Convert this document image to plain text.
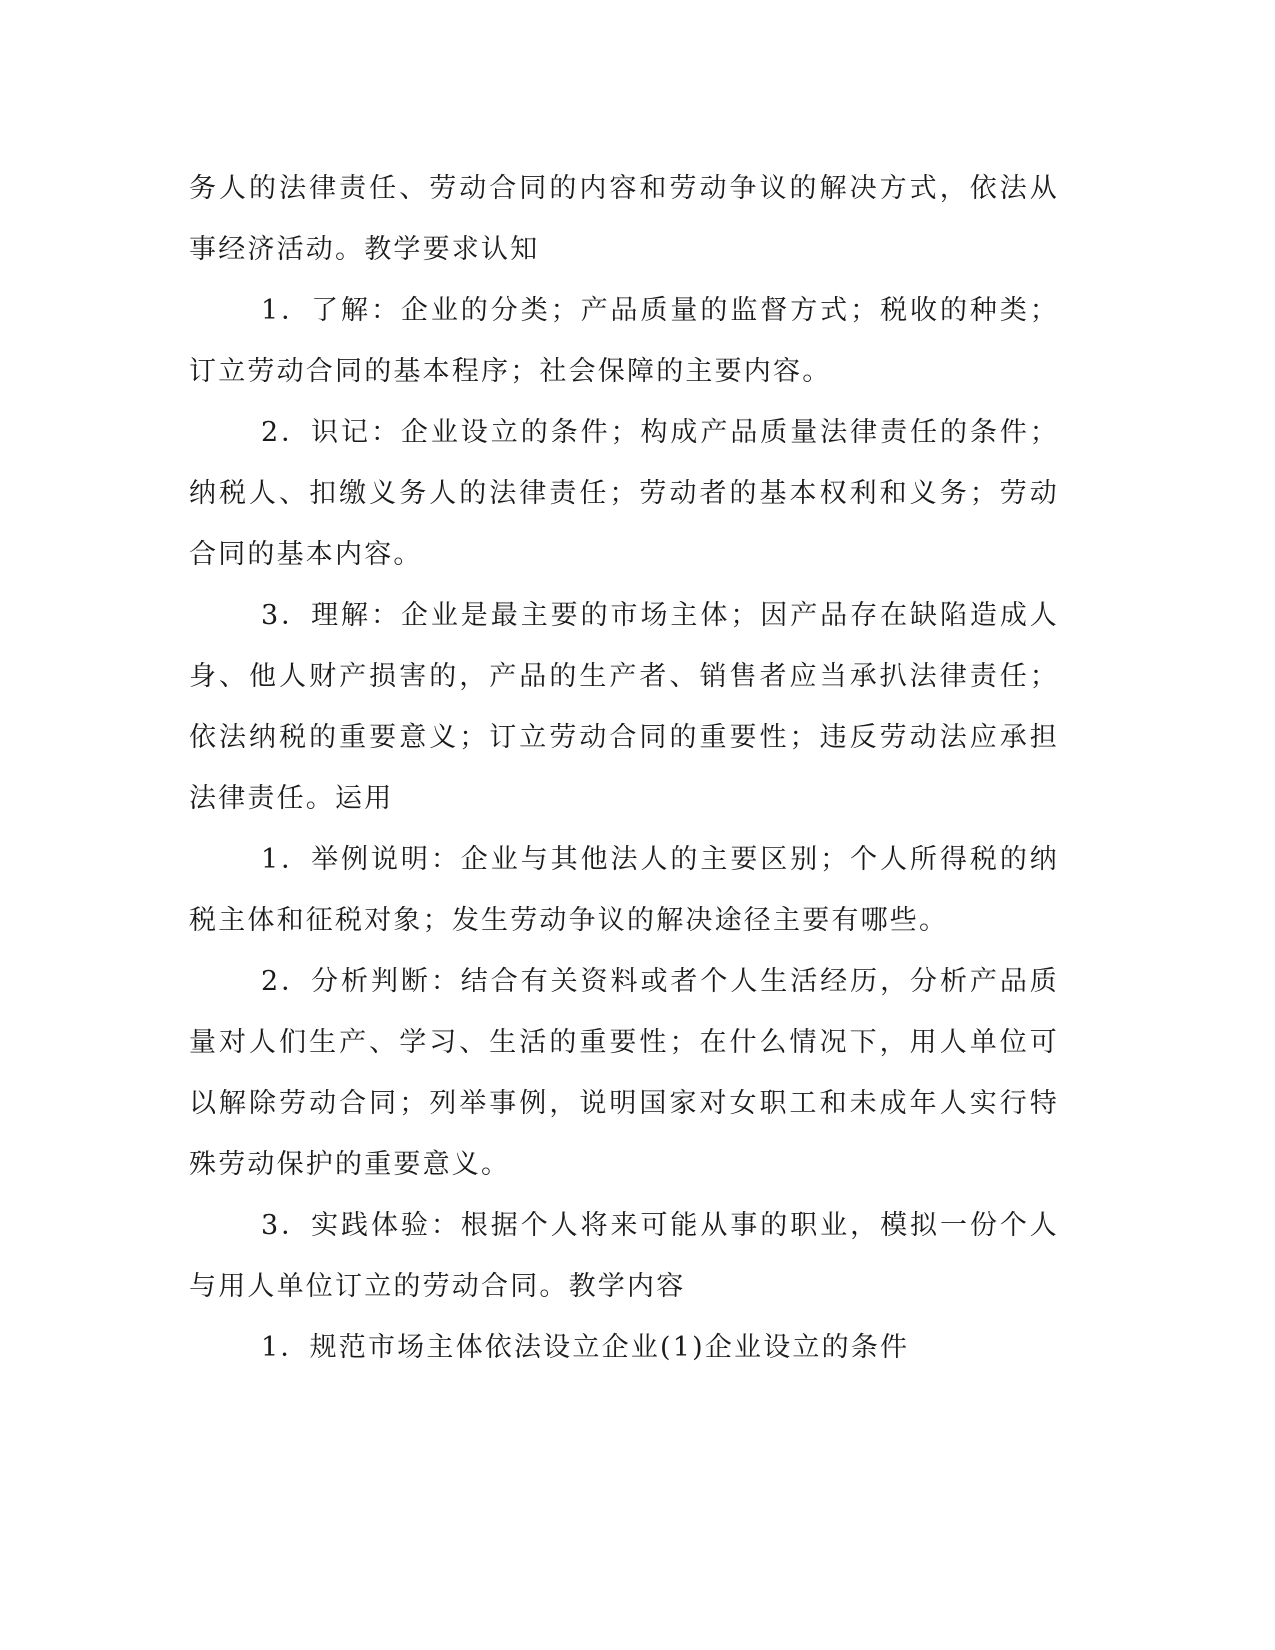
务人的法律责任、劳动合同的内容和劳动争议的解决方式，依法从事经济活动。教学要求认知

1．了解：企业的分类；产品质量的监督方式；税收的种类；订立劳动合同的基本程序；社会保障的主要内容。

2．识记：企业设立的条件；构成产品质量法律责任的条件；纳税人、扣缴义务人的法律责任；劳动者的基本权利和义务；劳动合同的基本内容。

3．理解：企业是最主要的市场主体；因产品存在缺陷造成人身、他人财产损害的，产品的生产者、销售者应当承扒法律责任；依法纳税的重要意义；订立劳动合同的重要性；违反劳动法应承担法律责任。运用

1．举例说明：企业与其他法人的主要区别；个人所得税的纳税主体和征税对象；发生劳动争议的解决途径主要有哪些。

2．分析判断：结合有关资料或者个人生活经历，分析产品质量对人们生产、学习、生活的重要性；在什么情况下，用人单位可以解除劳动合同；列举事例，说明国家对女职工和未成年人实行特殊劳动保护的重要意义。

3．实践体验：根据个人将来可能从事的职业，模拟一份个人与用人单位订立的劳动合同。教学内容

1．规范市场主体依法设立企业(1)企业设立的条件
